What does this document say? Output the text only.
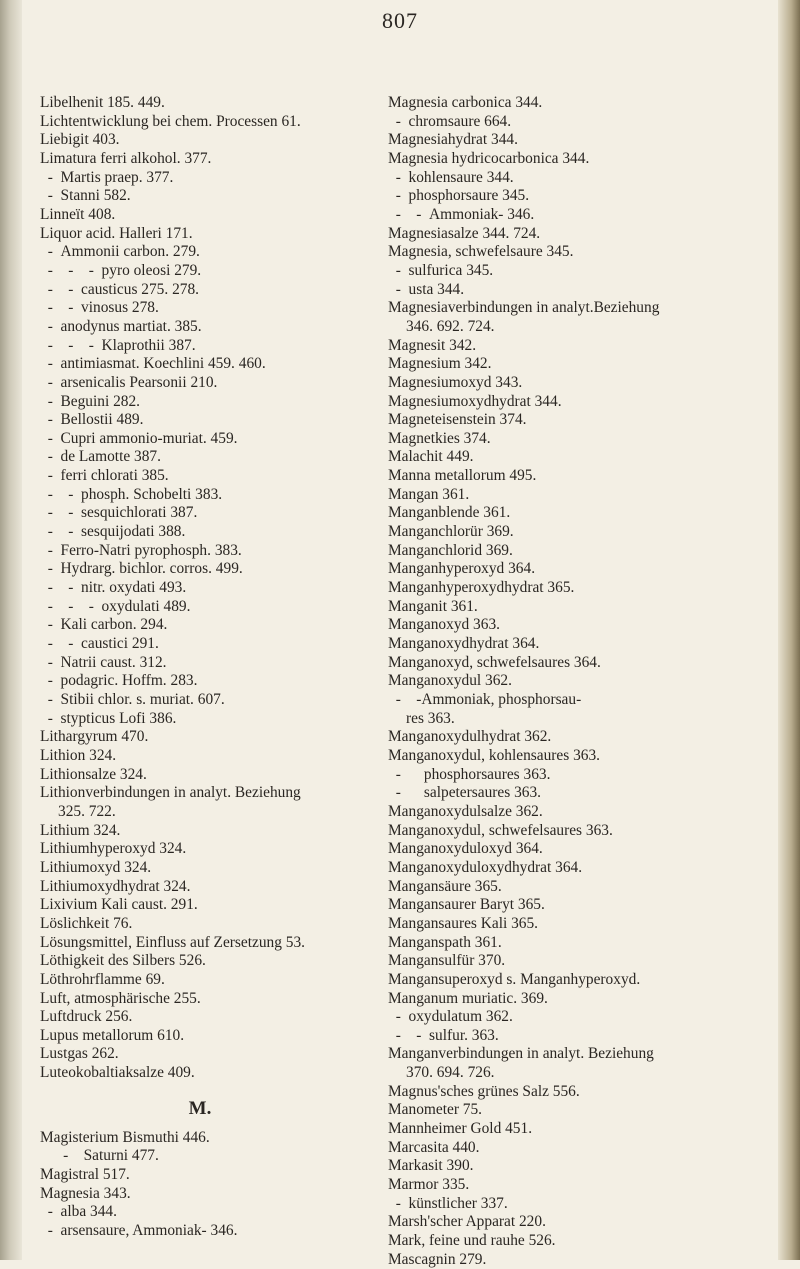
807
Libelhenit 185. 449.
Lichtentwicklung bei chem. Processen 61.
Liebigit 403.
Limatura ferri alkohol. 377.
-  Martis praep. 377.
-  Stanni 582.
Linneït 408.
Liquor acid. Halleri 171.
-  Ammonii carbon. 279.
-    -    -  pyro oleosi 279.
-    -  causticus 275. 278.
-    -  vinosus 278.
-  anodynus martiat. 385.
-    -    -  Klaprothii 387.
-  antimiasmat. Koechlini 459. 460.
-  arsenicalis Pearsonii 210.
-  Beguini 282.
-  Bellostii 489.
-  Cupri ammonio-muriat. 459.
-  de Lamotte 387.
-  ferri chlorati 385.
-    -  phosph. Schobelti 383.
-    -  sesquichlorati 387.
-    -  sesquijodati 388.
-  Ferro-Natri pyrophosph. 383.
-  Hydrarg. bichlor. corros. 499.
-    -  nitr. oxydati 493.
-    -    -  oxydulati 489.
-  Kali carbon. 294.
-    -  caustici 291.
-  Natrii caust. 312.
-  podagric. Hoffm. 283.
-  Stibii chlor. s. muriat. 607.
-  stypticus Lofi 386.
Lithargyrum 470.
Lithion 324.
Lithionsalze 324.
Lithionverbindungen in analyt. Beziehung
325. 722.
Lithium 324.
Lithiumhyperoxyd 324.
Lithiumoxyd 324.
Lithiumoxydhydrat 324.
Lixivium Kali caust. 291.
Löslichkeit 76.
Lösungsmittel, Einfluss auf Zersetzung 53.
Löthigkeit des Silbers 526.
Löthrohrflamme 69.
Luft, atmosphärische 255.
Luftdruck 256.
Lupus metallorum 610.
Lustgas 262.
Luteokobaltiaksalze 409.
M.
Magisterium Bismuthi 446.
-    Saturni 477.
Magistral 517.
Magnesia 343.
-  alba 344.
-  arsensaure, Ammoniak- 346.
Magnesia carbonica 344.
-  chromsaure 664.
Magnesiahydrat 344.
Magnesia hydricocarbonica 344.
-  kohlensaure 344.
-  phosphorsaure 345.
-    -  Ammoniak- 346.
Magnesiasalze 344. 724.
Magnesia, schwefelsaure 345.
-  sulfurica 345.
-  usta 344.
Magnesiaverbindungen in analyt.Beziehung
346. 692. 724.
Magnesit 342.
Magnesium 342.
Magnesiumoxyd 343.
Magnesiumoxydhydrat 344.
Magneteisenstein 374.
Magnetkies 374.
Malachit 449.
Manna metallorum 495.
Mangan 361.
Manganblende 361.
Manganchlorür 369.
Manganchlorid 369.
Manganhyperoxyd 364.
Manganhyperoxydhydrat 365.
Manganit 361.
Manganoxyd 363.
Manganoxydhydrat 364.
Manganoxyd, schwefelsaures 364.
Manganoxydul 362.
-    -Ammoniak, phosphorsau-
res 363.
Manganoxydulhydrat 362.
Manganoxydul, kohlensaures 363.
-      phosphorsaures 363.
-      salpetersaures 363.
Manganoxydulsalze 362.
Manganoxydul, schwefelsaures 363.
Manganoxyduloxyd 364.
Manganoxyduloxydhydrat 364.
Mangansäure 365.
Mangansaurer Baryt 365.
Mangansaures Kali 365.
Manganspath 361.
Mangansulfür 370.
Mangansuperoxyd s. Manganhyperoxyd.
Manganum muriatic. 369.
-  oxydulatum 362.
-    -  sulfur. 363.
Manganverbindungen in analyt. Beziehung
370. 694. 726.
Magnus'sches grünes Salz 556.
Manometer 75.
Mannheimer Gold 451.
Marcasita 440.
Markasit 390.
Marmor 335.
-  künstlicher 337.
Marsh'scher Apparat 220.
Mark, feine und rauhe 526.
Mascagnin 279.
